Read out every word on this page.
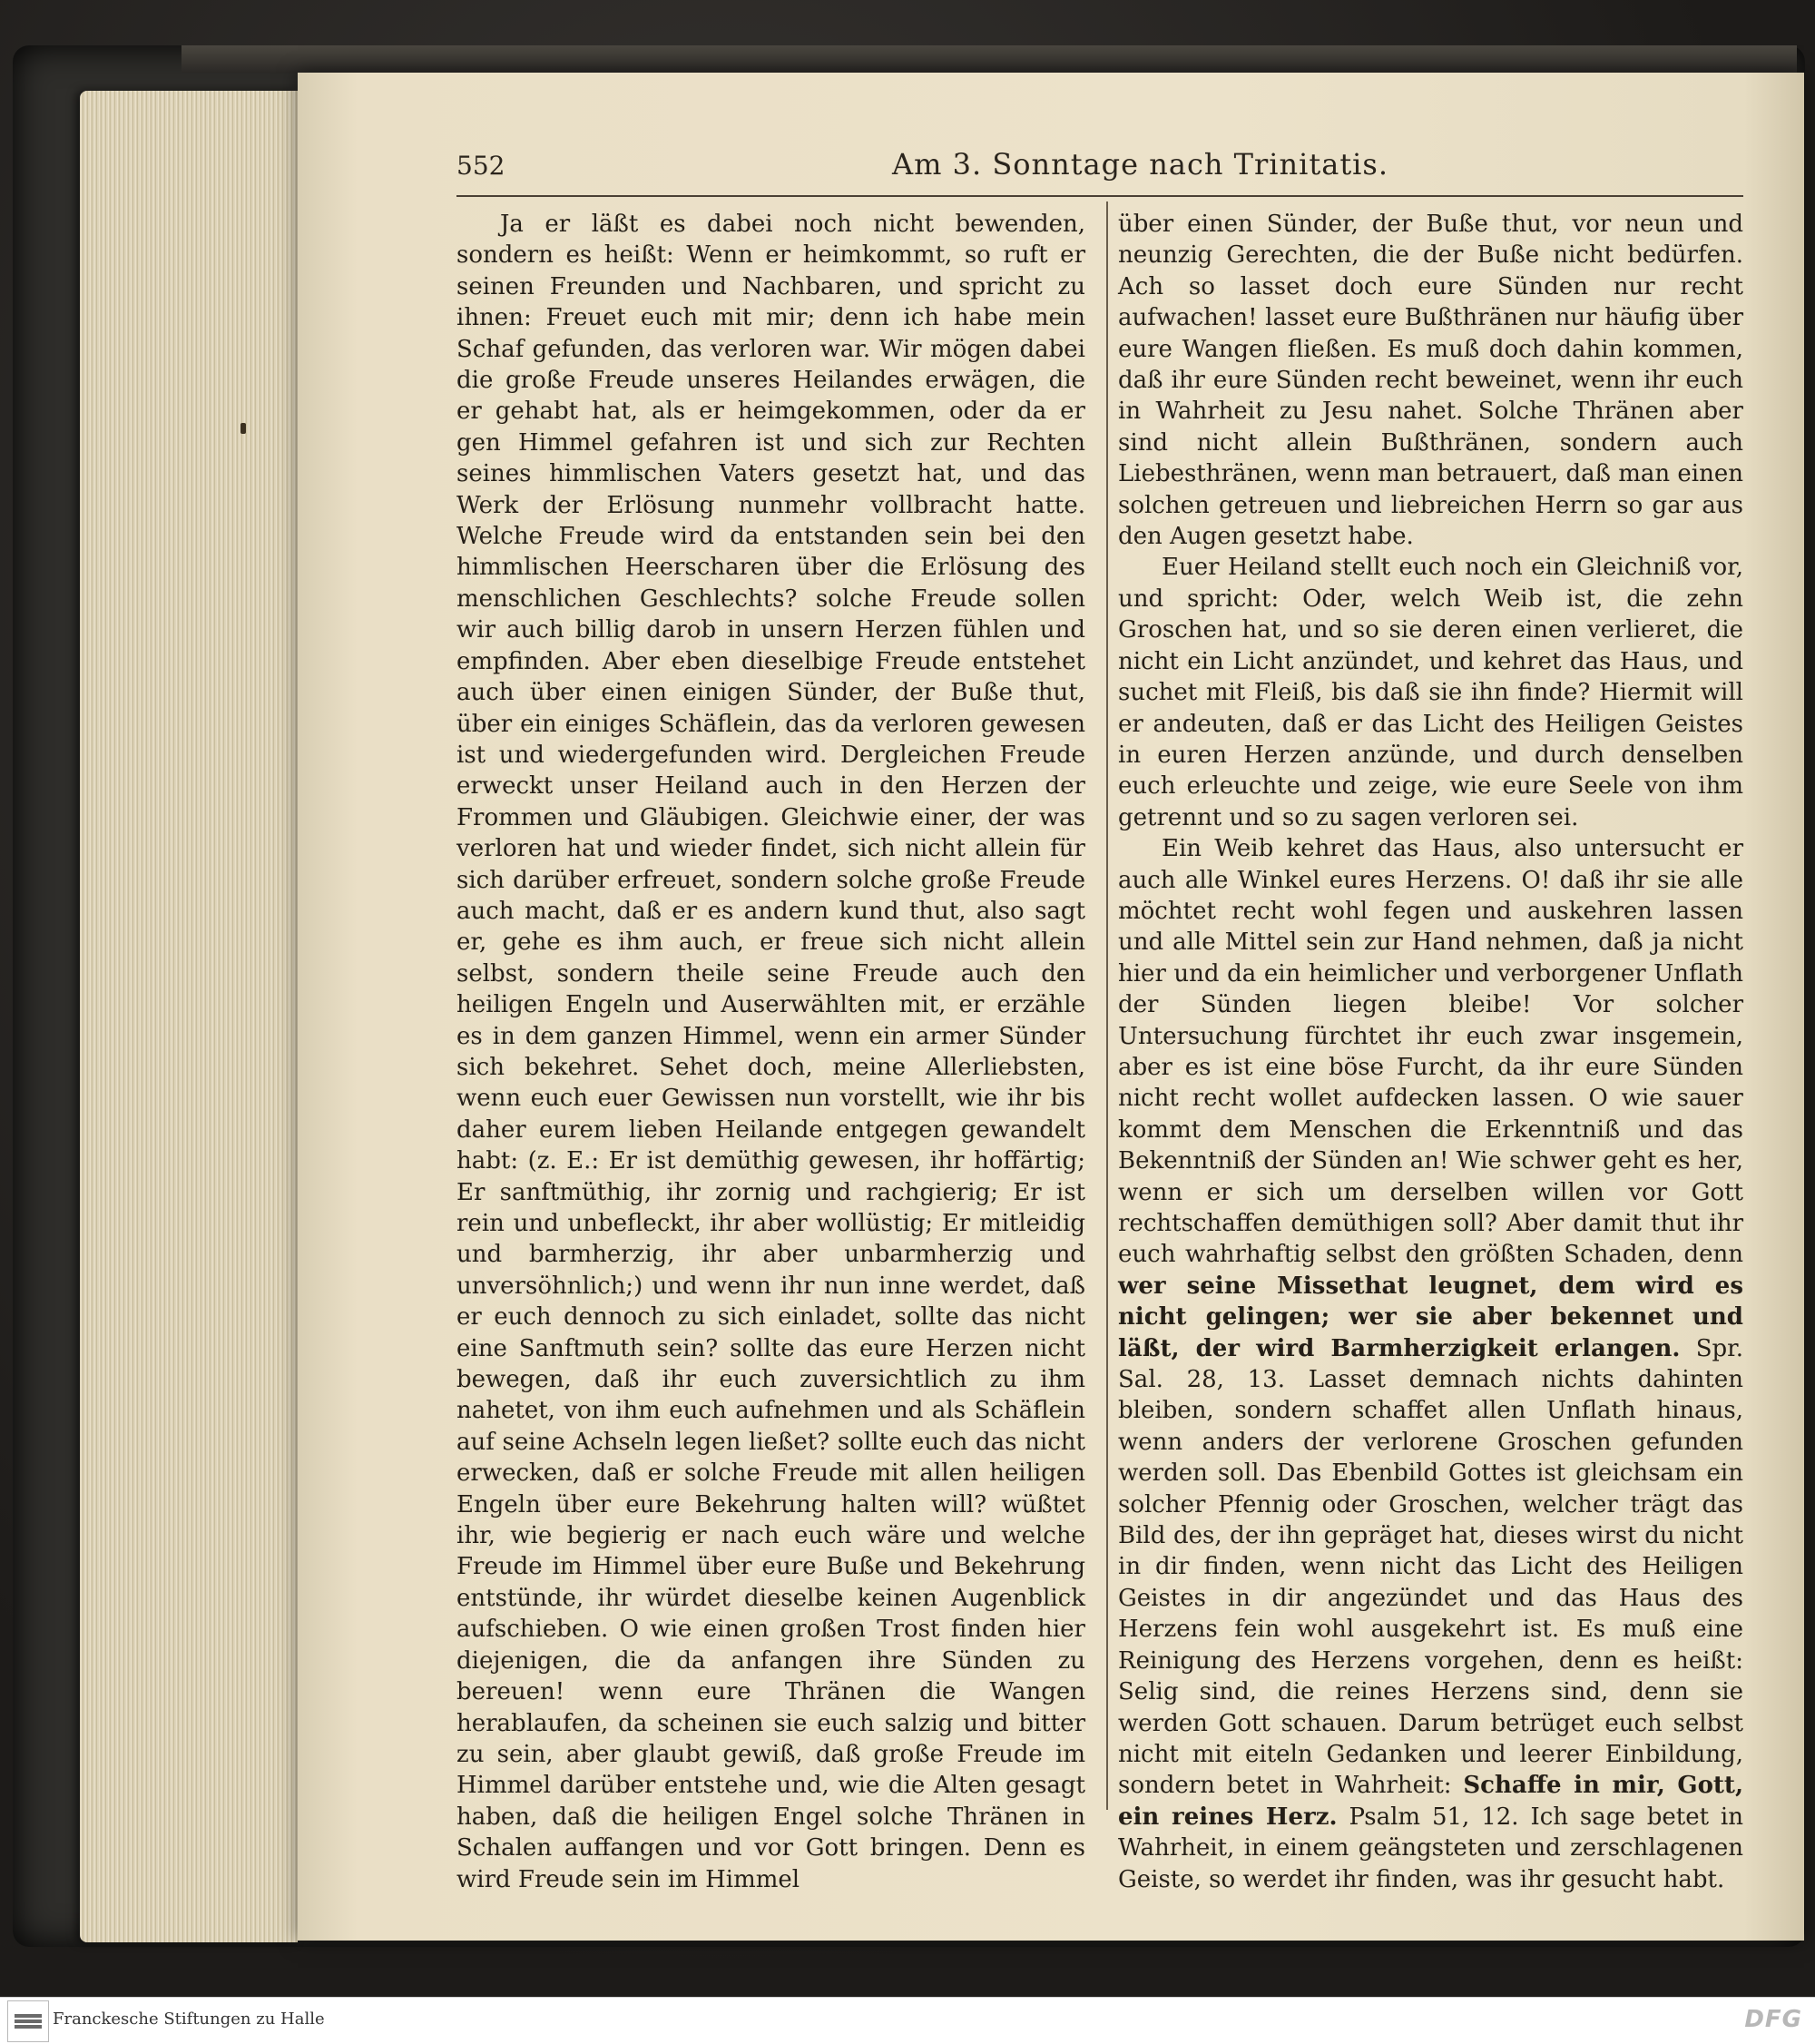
552	Am 3. Sonntage nach Trinitatis.

Ja er läßt es dabei noch nicht bewenden, sondern es heißt: Wenn er heimkommt, so ruft er seinen Freunden und Nachbaren, und spricht zu ihnen: Freuet euch mit mir; denn ich habe mein Schaf gefunden, das verloren war. Wir mögen dabei die große Freude unseres Heilandes erwägen, die er gehabt hat, als er heimgekommen, oder da er gen Himmel gefahren ist und sich zur Rechten seines himmlischen Vaters gesetzt hat, und das Werk der Erlösung nunmehr vollbracht hatte. Welche Freude wird da entstanden sein bei den himmlischen Heerscharen über die Erlösung des menschlichen Geschlechts? solche Freude sollen wir auch billig darob in unsern Herzen fühlen und empfinden. Aber eben dieselbige Freude entstehet auch über einen einigen Sünder, der Buße thut, über ein einiges Schäflein, das da verloren gewesen ist und wiedergefunden wird. Dergleichen Freude erweckt unser Heiland auch in den Herzen der Frommen und Gläubigen. Gleichwie einer, der was verloren hat und wieder findet, sich nicht allein für sich darüber erfreuet, sondern solche große Freude auch macht, daß er es andern kund thut, also sagt er, gehe es ihm auch, er freue sich nicht allein selbst, sondern theile seine Freude auch den heiligen Engeln und Auserwählten mit, er erzähle es in dem ganzen Himmel, wenn ein armer Sünder sich bekehret. Sehet doch, meine Allerliebsten, wenn euch euer Gewissen nun vorstellt, wie ihr bis daher eurem lieben Heilande entgegen gewandelt habt: (z. E.: Er ist demüthig gewesen, ihr hoffärtig; Er sanftmüthig, ihr zornig und rachgierig; Er ist rein und unbefleckt, ihr aber wollüstig; Er mitleidig und barmherzig, ihr aber unbarmherzig und unversöhnlich;) und wenn ihr nun inne werdet, daß er euch dennoch zu sich einladet, sollte das nicht eine Sanftmuth sein? sollte das eure Herzen nicht bewegen, daß ihr euch zuversichtlich zu ihm nahetet, von ihm euch aufnehmen und als Schäflein auf seine Achseln legen ließet? sollte euch das nicht erwecken, daß er solche Freude mit allen heiligen Engeln über eure Bekehrung halten will? wüßtet ihr, wie begierig er nach euch wäre und welche Freude im Himmel über eure Buße und Bekehrung entstünde, ihr würdet dieselbe keinen Augenblick aufschieben. O wie einen großen Trost finden hier diejenigen, die da anfangen ihre Sünden zu bereuen! wenn eure Thränen die Wangen herablaufen, da scheinen sie euch salzig und bitter zu sein, aber glaubt gewiß, daß große Freude im Himmel darüber entstehe und, wie die Alten gesagt haben, daß die heiligen Engel solche Thränen in Schalen auffangen und vor Gott bringen. Denn es wird Freude sein im Himmel

über einen Sünder, der Buße thut, vor neun und neunzig Gerechten, die der Buße nicht bedürfen. Ach so lasset doch eure Sünden nur recht aufwachen! lasset eure Bußthränen nur häufig über eure Wangen fließen. Es muß doch dahin kommen, daß ihr eure Sünden recht beweinet, wenn ihr euch in Wahrheit zu Jesu nahet. Solche Thränen aber sind nicht allein Bußthränen, sondern auch Liebesthränen, wenn man betrauert, daß man einen solchen getreuen und liebreichen Herrn so gar aus den Augen gesetzt habe.

Euer Heiland stellt euch noch ein Gleichniß vor, und spricht: Oder, welch Weib ist, die zehn Groschen hat, und so sie deren einen verlieret, die nicht ein Licht anzündet, und kehret das Haus, und suchet mit Fleiß, bis daß sie ihn finde? Hiermit will er andeuten, daß er das Licht des Heiligen Geistes in euren Herzen anzünde, und durch denselben euch erleuchte und zeige, wie eure Seele von ihm getrennt und so zu sagen verloren sei.

Ein Weib kehret das Haus, also untersucht er auch alle Winkel eures Herzens. O! daß ihr sie alle möchtet recht wohl fegen und auskehren lassen und alle Mittel sein zur Hand nehmen, daß ja nicht hier und da ein heimlicher und verborgener Unflath der Sünden liegen bleibe! Vor solcher Untersuchung fürchtet ihr euch zwar insgemein, aber es ist eine böse Furcht, da ihr eure Sünden nicht recht wollet aufdecken lassen. O wie sauer kommt dem Menschen die Erkenntniß und das Bekenntniß der Sünden an! Wie schwer geht es her, wenn er sich um derselben willen vor Gott rechtschaffen demüthigen soll? Aber damit thut ihr euch wahrhaftig selbst den größten Schaden, denn wer seine Missethat leugnet, dem wird es nicht gelingen; wer sie aber bekennet und läßt, der wird Barmherzigkeit erlangen. Spr. Sal. 28, 13. Lasset demnach nichts dahinten bleiben, sondern schaffet allen Unflath hinaus, wenn anders der verlorene Groschen gefunden werden soll. Das Ebenbild Gottes ist gleichsam ein solcher Pfennig oder Groschen, welcher trägt das Bild des, der ihn gepräget hat, dieses wirst du nicht in dir finden, wenn nicht das Licht des Heiligen Geistes in dir angezündet und das Haus des Herzens fein wohl ausgekehrt ist. Es muß eine Reinigung des Herzens vorgehen, denn es heißt: Selig sind, die reines Herzens sind, denn sie werden Gott schauen. Darum betrüget euch selbst nicht mit eiteln Gedanken und leerer Einbildung, sondern betet in Wahrheit: Schaffe in mir, Gott, ein reines Herz. Psalm 51, 12. Ich sage betet in Wahrheit, in einem geängsteten und zerschlagenen Geiste, so werdet ihr finden, was ihr gesucht habt.

Franckesche Stiftungen zu Halle	DFG
